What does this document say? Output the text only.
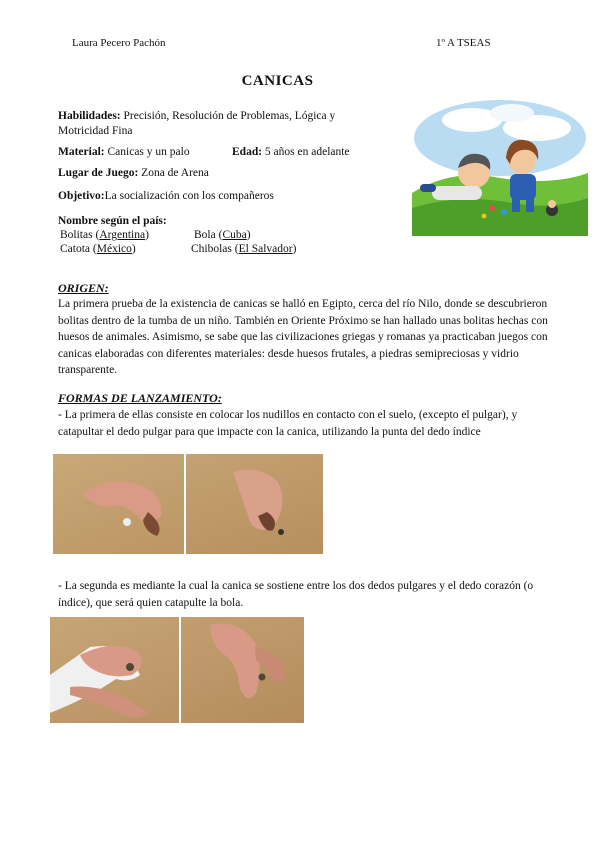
Laura Pecero Pachón	1º A TSEAS
CANICAS
Habilidades: Precisión, Resolución de Problemas, Lógica y Motricidad Fina
Material: Canicas y un palo	Edad: 5 años en adelante
Lugar de Juego: Zona de Arena
Objetivo:La socialización con los compañeros
Nombre según el país:
Bolitas (Argentina)	Bola (Cuba)
Catota (México)	Chibolas (El Salvador)
ORIGEN:
La primera prueba de la existencia de canicas se halló en Egipto, cerca del río Nilo, donde se descubrieron bolitas dentro de la tumba de un niño. También en Oriente Próximo se han hallado unas bolitas hechas con huesos de animales. Asimismo, se sabe que las civilizaciones griegas y romanas ya practicaban juegos con canicas elaboradas con diferentes materiales: desde huesos frutales, a piedras semipreciosas y vidrio transparente.
FORMAS DE LANZAMIENTO:
- La primera de ellas consiste en colocar los nudillos en contacto con el suelo, (excepto el pulgar), y catapultar el dedo pulgar para que impacte con la canica, utilizando la punta del dedo índice
- La segunda es mediante la cual la canica se sostiene entre los dos dedos pulgares y el dedo corazón (o índice), que será quien catapulte la bola.
